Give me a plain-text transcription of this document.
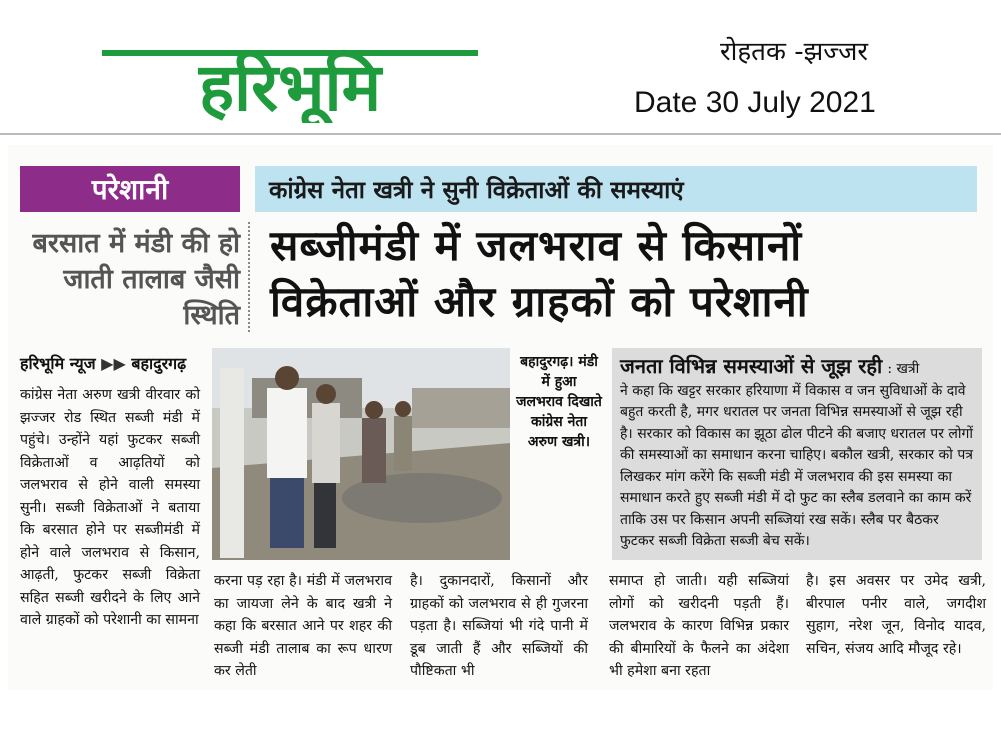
हरिभूमि	रोहतक -झज्जर
Date 30 July 2021
परेशानी	कांग्रेस नेता खत्री ने सुनी विक्रेताओं की समस्याएं
बरसात में मंडी की हो जाती तालाब जैसी स्थिति
सब्जीमंडी में जलभराव से किसानों
विक्रेताओं और ग्राहकों को परेशानी
हरिभूमि न्यूज ▶▶ बहादुरगढ़
कांग्रेस नेता अरुण खत्री वीरवार को झज्जर रोड स्थित सब्जी मंडी में पहुंचे। उन्होंने यहां फुटकर सब्जी विक्रेताओं व आढ़तियों को जलभराव से होने वाली समस्या सुनी। सब्जी विक्रेताओं ने बताया कि बरसात होने पर सब्जीमंडी में होने वाले जलभराव से किसान, आढ़ती, फुटकर सब्जी विक्रेता सहित सब्जी खरीदने के लिए आने वाले ग्राहकों को परेशानी का सामना
बहादुरगढ़। मंडी में हुआ जलभराव दिखाते कांग्रेस नेता अरुण खत्री।
जनता विभिन्न समस्याओं से जूझ रही : खत्री
ने कहा कि खट्टर सरकार हरियाणा में विकास व जन सुविधाओं के दावे बहुत करती है, मगर धरातल पर जनता विभिन्न समस्याओं से जूझ रही है। सरकार को विकास का झूठा ढोल पीटने की बजाए धरातल पर लोगों की समस्याओं का समाधान करना चाहिए। बकौल खत्री, सरकार को पत्र लिखकर मांग करेंगे कि सब्जी मंडी में जलभराव की इस समस्या का समाधान करते हुए सब्जी मंडी में दो फुट का स्लैब डलवाने का काम करें ताकि उस पर किसान अपनी सब्जियां रख सकें। स्लैब पर बैठकर फुटकर सब्जी विक्रेता सब्जी बेच सकें।
करना पड़ रहा है। मंडी में जलभराव का जायजा लेने के बाद खत्री ने कहा कि बरसात आने पर शहर की सब्जी मंडी तालाब का रूप धारण कर लेती
है। दुकानदारों, किसानों और ग्राहकों को जलभराव से ही गुजरना पड़ता है। सब्जियां भी गंदे पानी में डूब जाती हैं और सब्जियों की पौष्टिकता भी
समाप्त हो जाती। यही सब्जियां लोगों को खरीदनी पड़ती हैं। जलभराव के कारण विभिन्न प्रकार की बीमारियों के फैलने का अंदेशा भी हमेशा बना रहता
है। इस अवसर पर उमेद खत्री, बीरपाल पनीर वाले, जगदीश सुहाग, नरेश जून, विनोद यादव, सचिन, संजय आदि मौजूद रहे।
